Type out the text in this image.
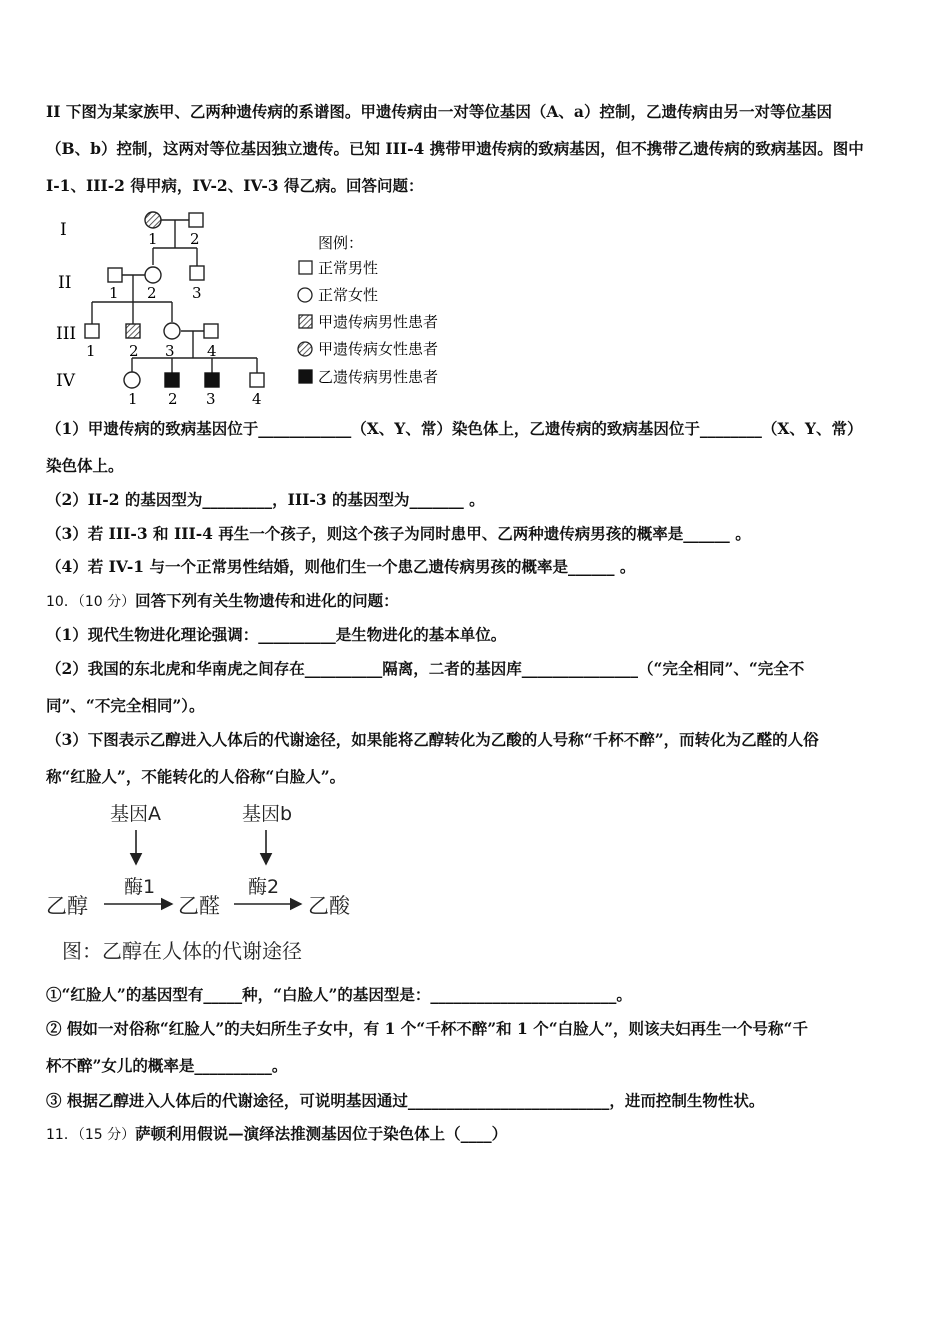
II 下图为某家族甲、乙两种遗传病的系谱图。甲遗传病由一对等位基因（A、a）控制，乙遗传病由另一对等位基因
（B、b）控制，这两对等位基因独立遗传。已知 III-4 携带甲遗传病的致病基因，但不携带乙遗传病的致病基因。图中
I-1、III-2 得甲病，IV-2、IV-3 得乙病。回答问题：
I
II
III
IV
1 2
1 2 3
1 2 3 4
1 2 3 4
图例：
正常男性
正常女性
甲遗传病男性患者
甲遗传病女性患者
乙遗传病男性患者
（1）甲遗传病的致病基因位于____________（X、Y、常）染色体上，乙遗传病的致病基因位于________（X、Y、常）
染色体上。
（2）II-2 的基因型为_________，III-3 的基因型为_______ 。
（3）若 III-3 和 III-4 再生一个孩子，则这个孩子为同时患甲、乙两种遗传病男孩的概率是______ 。
（4）若 IV-1 与一个正常男性结婚，则他们生一个患乙遗传病男孩的概率是______ 。
10．（10 分）回答下列有关生物遗传和进化的问题：
（1）现代生物进化理论强调：__________是生物进化的基本单位。
（2）我国的东北虎和华南虎之间存在__________隔离，二者的基因库_______________（“完全相同”、“完全不
同”、“不完全相同”）。
（3）下图表示乙醇进入人体后的代谢途径，如果能将乙醇转化为乙酸的人号称“千杯不醉”，而转化为乙醛的人俗
称“红脸人”，不能转化的人俗称“白脸人”。
基因A	基因b
酶1	酶2
乙醇	乙醛	乙酸
图：乙醇在人体的代谢途径
①“红脸人”的基因型有_____种，“白脸人”的基因型是：________________________。
② 假如一对俗称“红脸人”的夫妇所生子女中，有 1 个“千杯不醉”和 1 个“白脸人”，则该夫妇再生一个号称“千
杯不醉”女儿的概率是__________。
③ 根据乙醇进入人体后的代谢途径，可说明基因通过__________________________，进而控制生物性状。
11．（15 分）萨顿利用假说—演绎法推测基因位于染色体上（____）
